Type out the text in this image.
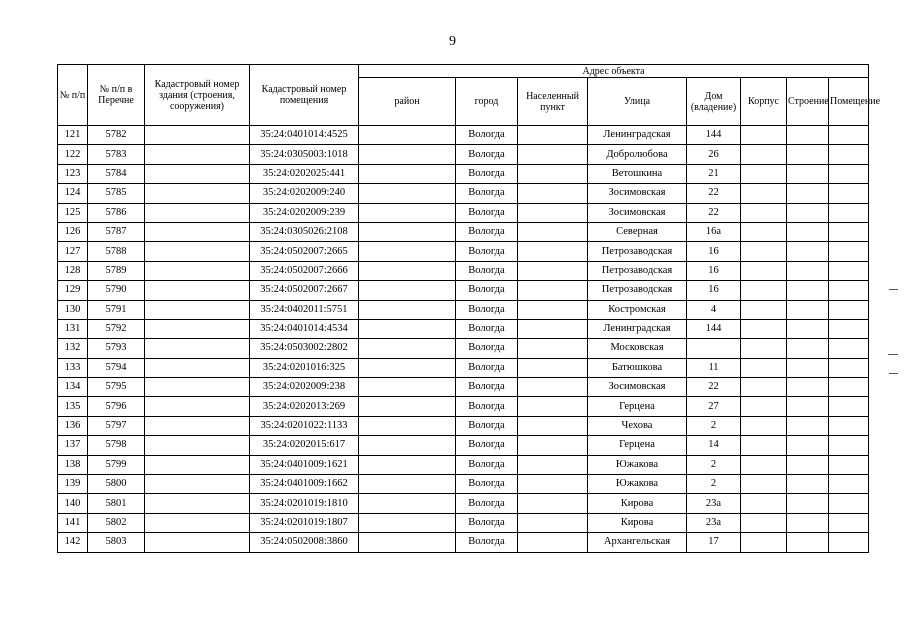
9
№ п/п	№ п/п в Перечне	Кадастровый номер здания (строения, сооружения)	Кадастровый номер помещения	Адрес объекта							
				район	город	Населенный пункт	Улица	Дом (владение)	Корпус	Строение	Помещение
121	5782		35:24:0401014:4525		Вологда		Ленинградская	144			
122	5783		35:24:0305003:1018		Вологда		Добролюбова	26			
123	5784		35:24:0202025:441		Вологда		Ветошкина	21			
124	5785		35:24:0202009:240		Вологда		Зосимовская	22			
125	5786		35:24:0202009:239		Вологда		Зосимовская	22			
126	5787		35:24:0305026:2108		Вологда		Северная	16а			
127	5788		35:24:0502007:2665		Вологда		Петрозаводская	16			
128	5789		35:24:0502007:2666		Вологда		Петрозаводская	16			
129	5790		35:24:0502007:2667		Вологда		Петрозаводская	16			
130	5791		35:24:0402011:5751		Вологда		Костромская	4			
131	5792		35:24:0401014:4534		Вологда		Ленинградская	144			
132	5793		35:24:0503002:2802		Вологда		Московская				
133	5794		35:24:0201016:325		Вологда		Батюшкова	11			
134	5795		35:24:0202009:238		Вологда		Зосимовская	22			
135	5796		35:24:0202013:269		Вологда		Герцена	27			
136	5797		35:24:0201022:1133		Вологда		Чехова	2			
137	5798		35:24:0202015:617		Вологда		Герцена	14			
138	5799		35:24:0401009:1621		Вологда		Южакова	2			
139	5800		35:24:0401009:1662		Вологда		Южакова	2			
140	5801		35:24:0201019:1810		Вологда		Кирова	23а			
141	5802		35:24:0201019:1807		Вологда		Кирова	23а			
142	5803		35:24:0502008:3860		Вологда		Архангельская	17			
